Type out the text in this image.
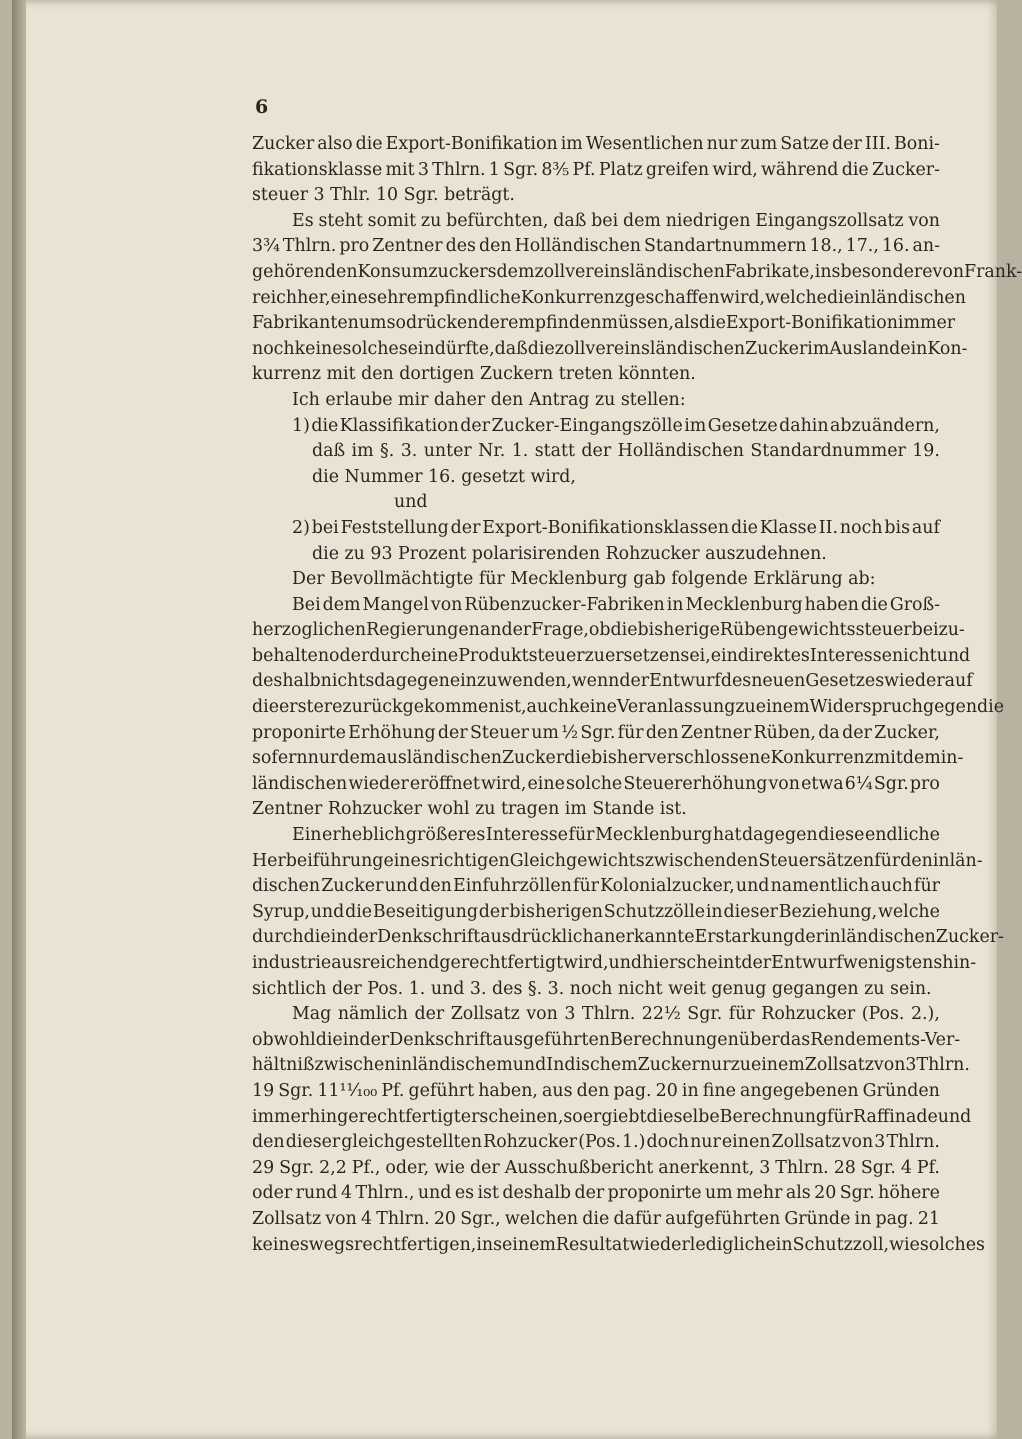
6
Zucker also die Export-Bonifikation im Wesentlichen nur zum Satze der III. Boni-
fikationsklasse mit 3 Thlrn. 1 Sgr. 8⅗ Pf. Platz greifen wird, während die Zucker-
steuer 3 Thlr. 10 Sgr. beträgt.
Es steht somit zu befürchten, daß bei dem niedrigen Eingangszollsatz von
3¾ Thlrn. pro Zentner des den Holländischen Standartnummern 18., 17., 16. an-
gehörenden Konsumzuckers dem zollvereinsländischen Fabrikate, insbesondere von Frank-
reich her, eine sehr empfindliche Konkurrenz geschaffen wird, welche die inländischen
Fabrikanten um so drückender empfinden müssen, als die Export-Bonifikation immer
noch keine solche sein dürfte, daß die zollvereinsländischen Zucker im Auslande in Kon-
kurrenz mit den dortigen Zuckern treten könnten.
Ich erlaube mir daher den Antrag zu stellen:
1) die Klassifikation der Zucker-Eingangszölle im Gesetze dahin abzuändern,
daß im §. 3. unter Nr. 1. statt der Holländischen Standardnummer 19.
die Nummer 16. gesetzt wird,
und
2) bei Feststellung der Export-Bonifikationsklassen die Klasse II. noch bis auf
die zu 93 Prozent polarisirenden Rohzucker auszudehnen.
Der Bevollmächtigte für Mecklenburg gab folgende Erklärung ab:
Bei dem Mangel von Rübenzucker-Fabriken in Mecklenburg haben die Groß-
herzoglichen Regierungen an der Frage, ob die bisherige Rübengewichtssteuer beizu-
behalten oder durch eine Produktsteuer zu ersetzen sei, ein direktes Interesse nicht und
deshalb nichts dagegen einzuwenden, wenn der Entwurf des neuen Gesetzes wieder auf
die erstere zurückgekommen ist, auch keine Veranlassung zu einem Widerspruch gegen die
proponirte Erhöhung der Steuer um ½ Sgr. für den Zentner Rüben, da der Zucker,
sofern nur dem ausländischen Zucker die bisher verschlossene Konkurrenz mit dem in-
ländischen wieder eröffnet wird, eine solche Steuererhöhung von etwa 6¼ Sgr. pro
Zentner Rohzucker wohl zu tragen im Stande ist.
Ein erheblich größeres Interesse für Mecklenburg hat dagegen diese endliche
Herbeiführung eines richtigen Gleichgewichts zwischen den Steuersätzen für den inlän-
dischen Zucker und den Einfuhrzöllen für Kolonialzucker, und namentlich auch für
Syrup, und die Beseitigung der bisherigen Schutzzölle in dieser Beziehung, welche
durch die in der Denkschrift ausdrücklich anerkannte Erstarkung der inländischen Zucker-
industrie ausreichend gerechtfertigt wird, und hier scheint der Entwurf wenigstens hin-
sichtlich der Pos. 1. und 3. des §. 3. noch nicht weit genug gegangen zu sein.
Mag nämlich der Zollsatz von 3 Thlrn. 22½ Sgr. für Rohzucker (Pos. 2.),
obwohl die in der Denkschrift ausgeführten Berechnungen über das Rendements-Ver-
hältniß zwischen inländischem und Indischem Zucker nur zu einem Zollsatz von 3 Thlrn.
19 Sgr. 11¹¹⁄₁₀₀ Pf. geführt haben, aus den pag. 20 in fine angegebenen Gründen
immerhin gerechtfertigt erscheinen, so ergiebt dieselbe Berechnung für Raffinade und
den dieser gleichgestellten Rohzucker (Pos. 1.) doch nur einen Zollsatz von 3 Thlrn.
29 Sgr. 2,2 Pf., oder, wie der Ausschußbericht anerkennt, 3 Thlrn. 28 Sgr. 4 Pf.
oder rund 4 Thlrn., und es ist deshalb der proponirte um mehr als 20 Sgr. höhere
Zollsatz von 4 Thlrn. 20 Sgr., welchen die dafür aufgeführten Gründe in pag. 21
keineswegs rechtfertigen, in seinem Resultat wieder lediglich ein Schutzzoll, wie solches
